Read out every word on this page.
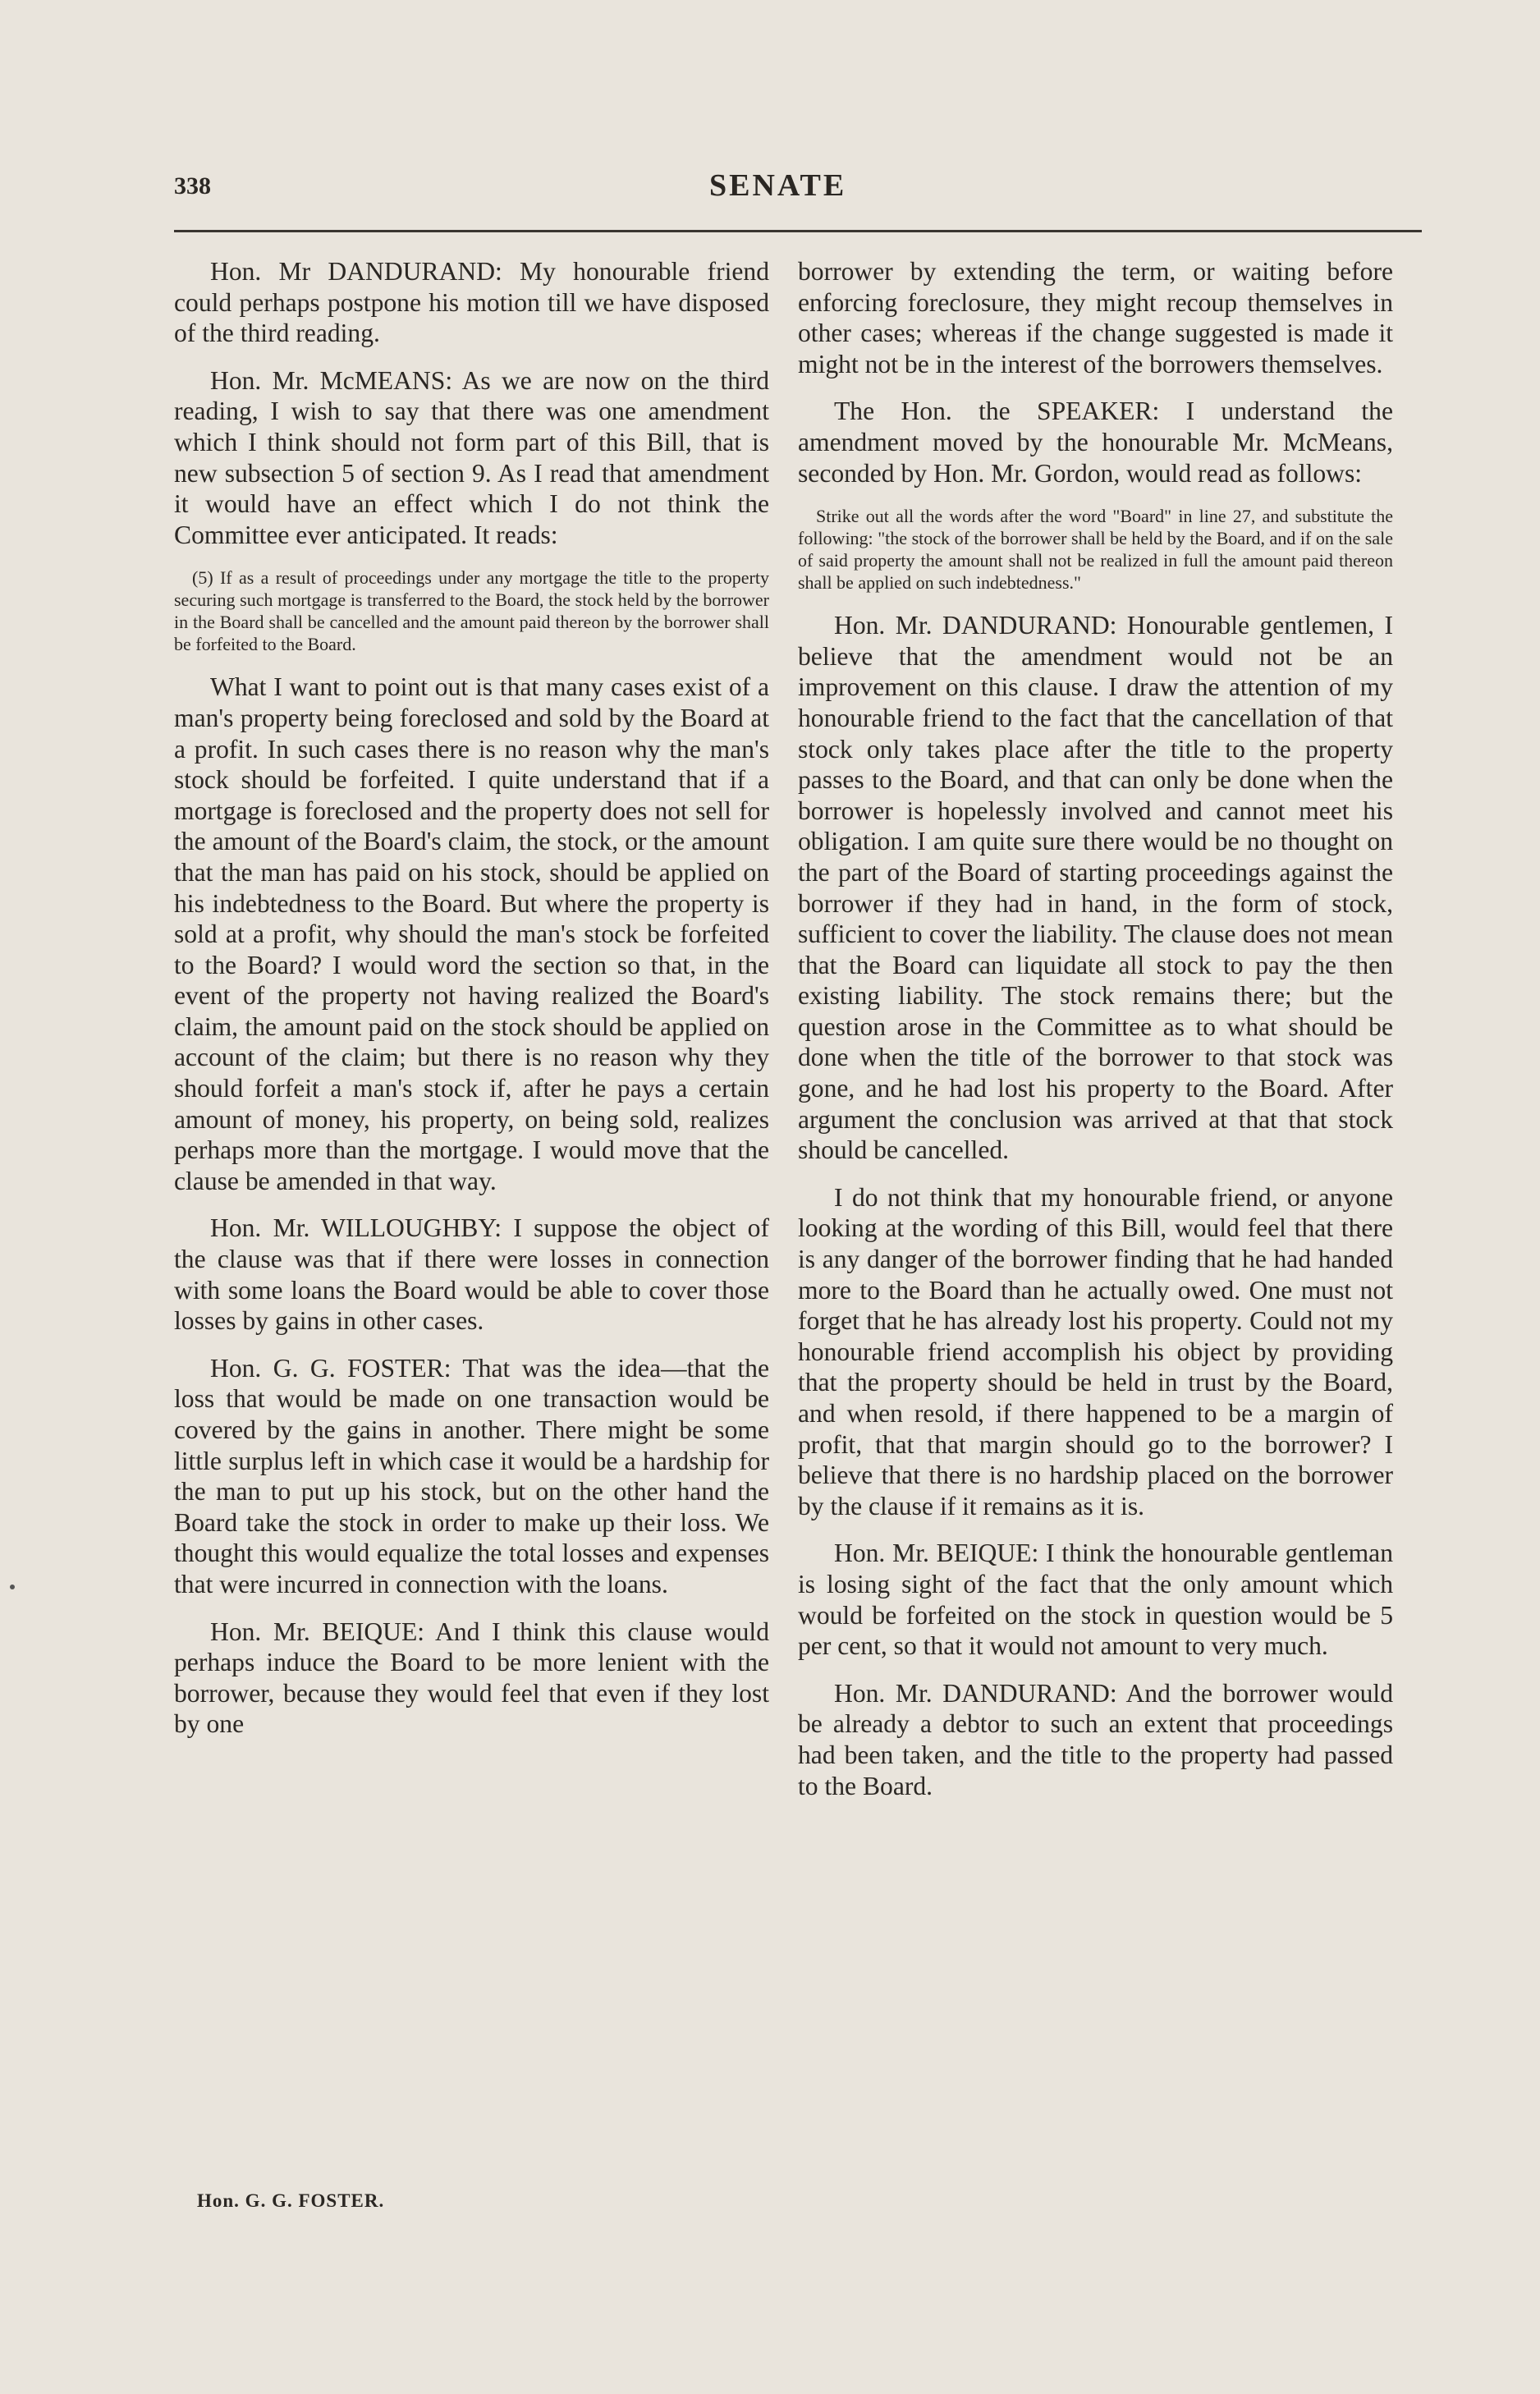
338	SENATE

Hon. Mr DANDURAND: My honourable friend could perhaps postpone his motion till we have disposed of the third reading.

Hon. Mr. McMEANS: As we are now on the third reading, I wish to say that there was one amendment which I think should not form part of this Bill, that is new subsection 5 of section 9. As I read that amendment it would have an effect which I do not think the Committee ever anticipated. It reads:

(5) If as a result of proceedings under any mortgage the title to the property securing such mortgage is transferred to the Board, the stock held by the borrower in the Board shall be cancelled and the amount paid thereon by the borrower shall be forfeited to the Board.

What I want to point out is that many cases exist of a man's property being foreclosed and sold by the Board at a profit. In such cases there is no reason why the man's stock should be forfeited. I quite understand that if a mortgage is foreclosed and the property does not sell for the amount of the Board's claim, the stock, or the amount that the man has paid on his stock, should be applied on his indebtedness to the Board. But where the property is sold at a profit, why should the man's stock be forfeited to the Board? I would word the section so that, in the event of the property not having realized the Board's claim, the amount paid on the stock should be applied on account of the claim; but there is no reason why they should forfeit a man's stock if, after he pays a certain amount of money, his property, on being sold, realizes perhaps more than the mortgage. I would move that the clause be amended in that way.

Hon. Mr. WILLOUGHBY: I suppose the object of the clause was that if there were losses in connection with some loans the Board would be able to cover those losses by gains in other cases.

Hon. G. G. FOSTER: That was the idea—that the loss that would be made on one transaction would be covered by the gains in another. There might be some little surplus left in which case it would be a hardship for the man to put up his stock, but on the other hand the Board take the stock in order to make up their loss. We thought this would equalize the total losses and expenses that were incurred in connection with the loans.

Hon. Mr. BEIQUE: And I think this clause would perhaps induce the Board to be more lenient with the borrower, because they would feel that even if they lost by one

borrower by extending the term, or waiting before enforcing foreclosure, they might recoup themselves in other cases; whereas if the change suggested is made it might not be in the interest of the borrowers themselves.

The Hon. the SPEAKER: I understand the amendment moved by the honourable Mr. McMeans, seconded by Hon. Mr. Gordon, would read as follows:

Strike out all the words after the word "Board" in line 27, and substitute the following: "the stock of the borrower shall be held by the Board, and if on the sale of said property the amount shall not be realized in full the amount paid thereon shall be applied on such indebtedness."

Hon. Mr. DANDURAND: Honourable gentlemen, I believe that the amendment would not be an improvement on this clause. I draw the attention of my honourable friend to the fact that the cancellation of that stock only takes place after the title to the property passes to the Board, and that can only be done when the borrower is hopelessly involved and cannot meet his obligation. I am quite sure there would be no thought on the part of the Board of starting proceedings against the borrower if they had in hand, in the form of stock, sufficient to cover the liability. The clause does not mean that the Board can liquidate all stock to pay the then existing liability. The stock remains there; but the question arose in the Committee as to what should be done when the title of the borrower to that stock was gone, and he had lost his property to the Board. After argument the conclusion was arrived at that that stock should be cancelled.

I do not think that my honourable friend, or anyone looking at the wording of this Bill, would feel that there is any danger of the borrower finding that he had handed more to the Board than he actually owed. One must not forget that he has already lost his property. Could not my honourable friend accomplish his object by providing that the property should be held in trust by the Board, and when resold, if there happened to be a margin of profit, that that margin should go to the borrower? I believe that there is no hardship placed on the borrower by the clause if it remains as it is.

Hon. Mr. BEIQUE: I think the honourable gentleman is losing sight of the fact that the only amount which would be forfeited on the stock in question would be 5 per cent, so that it would not amount to very much.

Hon. Mr. DANDURAND: And the borrower would be already a debtor to such an extent that proceedings had been taken, and the title to the property had passed to the Board.

Hon. G. G. FOSTER.
